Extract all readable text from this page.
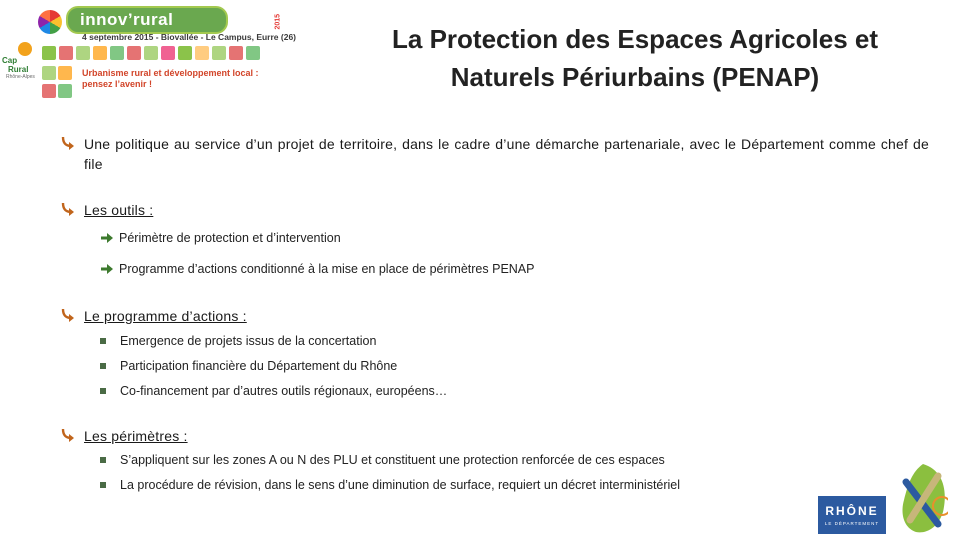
Cap
Rural
Rhône-Alpes
innov’rural	2015
4 septembre 2015 - Biovallée - Le Campus, Eurre (26)
Urbanisme rural et développement local :
pensez l’avenir !
La Protection des Espaces Agricoles et
Naturels Périurbains (PENAP)
Une politique au service d’un projet de territoire, dans le cadre d’une démarche partenariale, avec le Département comme chef de file
Les outils :
Périmètre de protection et d’intervention
Programme d’actions conditionné à la mise en place de périmètres PENAP
Le programme d’actions :
Emergence de projets issus de la concertation
Participation financière du Département du Rhône
Co-financement par d’autres outils régionaux, européens…
Les périmètres :
S’appliquent sur les zones A ou N des PLU et constituent une protection renforcée de ces espaces
La procédure de révision, dans le sens d’une diminution de surface, requiert un décret interministériel
RHÔNE
LE DÉPARTEMENT
